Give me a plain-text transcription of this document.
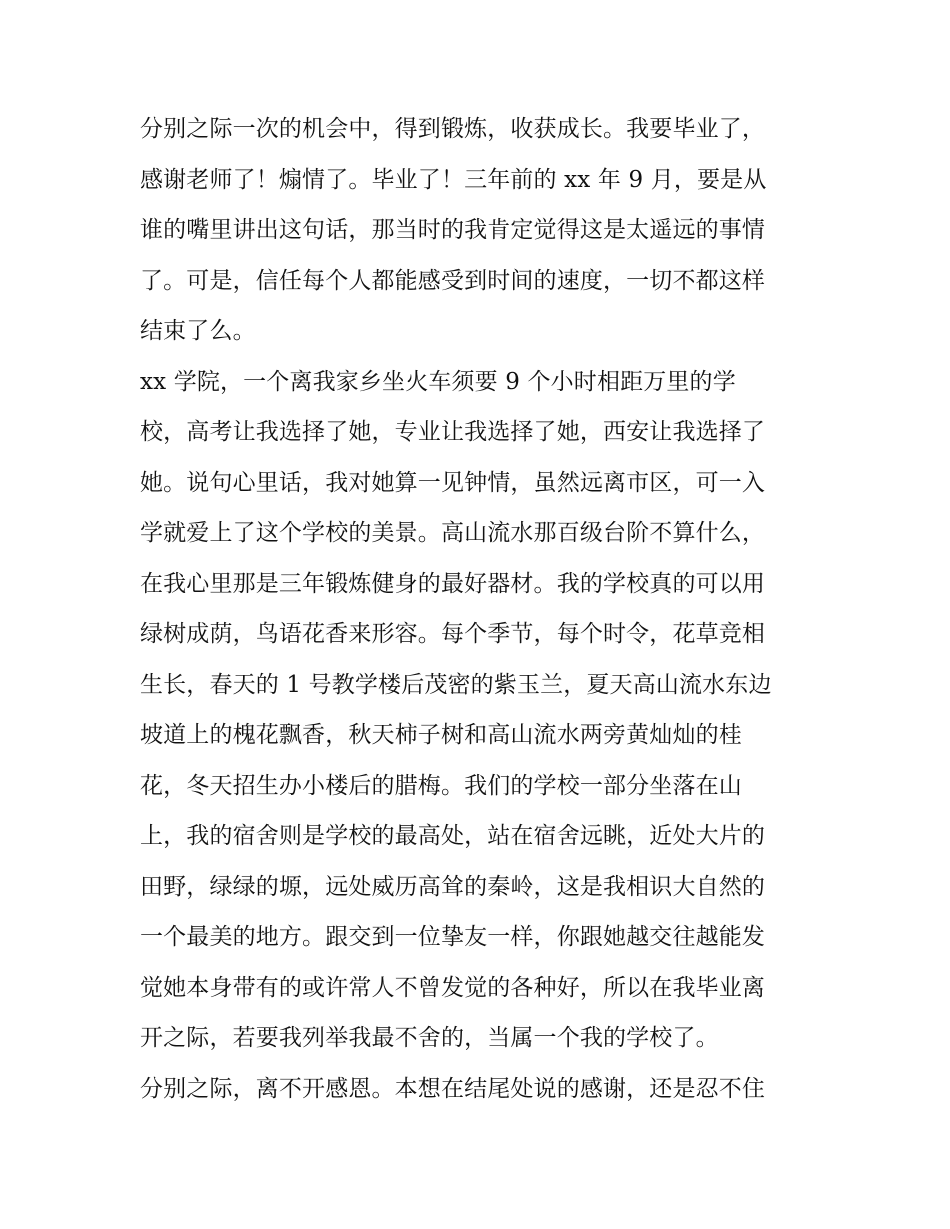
分别之际一次的机会中，得到锻炼，收获成长。我要毕业了，
感谢老师了！煽情了。毕业了！三年前的 xx 年 9 月，要是从
谁的嘴里讲出这句话，那当时的我肯定觉得这是太遥远的事情
了。可是，信任每个人都能感受到时间的速度，一切不都这样
结束了么。
xx 学院，一个离我家乡坐火车须要 9 个小时相距万里的学
校，高考让我选择了她，专业让我选择了她，西安让我选择了
她。说句心里话，我对她算一见钟情，虽然远离市区，可一入
学就爱上了这个学校的美景。高山流水那百级台阶不算什么，
在我心里那是三年锻炼健身的最好器材。我的学校真的可以用
绿树成荫，鸟语花香来形容。每个季节，每个时令，花草竞相
生长，春天的 1 号教学楼后茂密的紫玉兰，夏天高山流水东边
坡道上的槐花飘香，秋天柿子树和高山流水两旁黄灿灿的桂
花，冬天招生办小楼后的腊梅。我们的学校一部分坐落在山
上，我的宿舍则是学校的最高处，站在宿舍远眺，近处大片的
田野，绿绿的塬，远处威历高耸的秦岭，这是我相识大自然的
一个最美的地方。跟交到一位挚友一样，你跟她越交往越能发
觉她本身带有的或许常人不曾发觉的各种好，所以在我毕业离
开之际，若要我列举我最不舍的，当属一个我的学校了。
分别之际，离不开感恩。本想在结尾处说的感谢，还是忍不住
